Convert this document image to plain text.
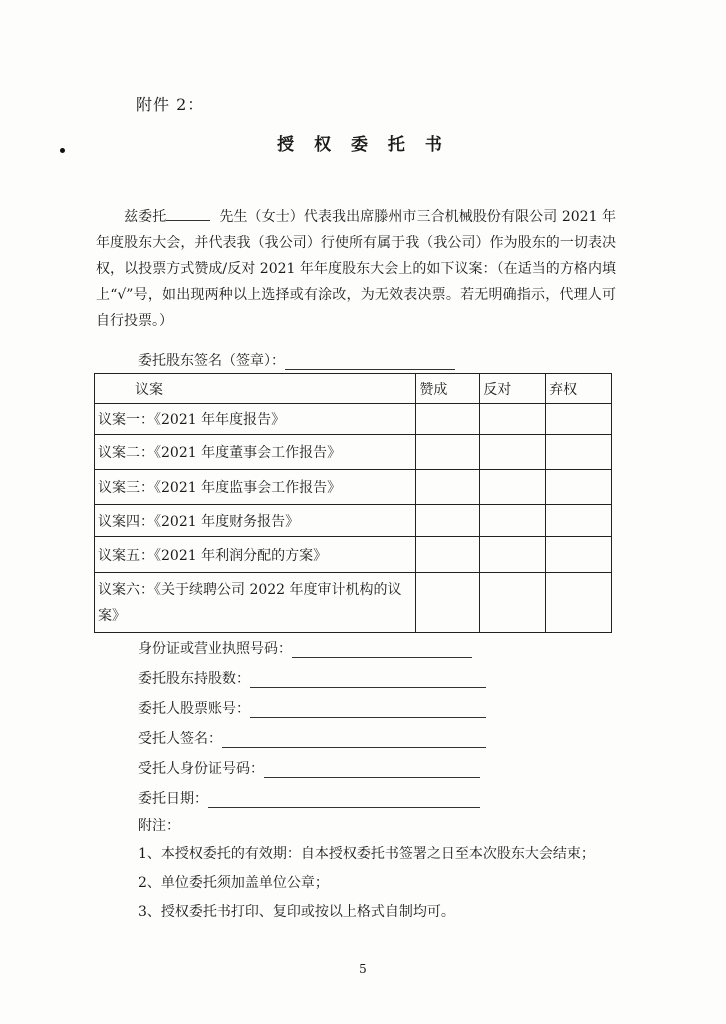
附件 2：
授 权 委 托 书
兹委托	先生（女士）代表我出席滕州市三合机械股份有限公司 2021 年年度股东大会，并代表我（我公司）行使所有属于我（我公司）作为股东的一切表决权，以投票方式赞成/反对 2021 年年度股东大会上的如下议案：（在适当的方格内填上“√”号，如出现两种以上选择或有涂改，为无效表决票。若无明确指示，代理人可自行投票。）
委托股东签名（签章）：
议案	赞成	反对	弃权
议案一：《2021 年年度报告》			
议案二：《2021 年度董事会工作报告》			
议案三：《2021 年度监事会工作报告》			
议案四：《2021 年度财务报告》			
议案五：《2021 年利润分配的方案》			
议案六：《关于续聘公司 2022 年度审计机构的议案》			
身份证或营业执照号码：
委托股东持股数：
委托人股票账号：
受托人签名：
受托人身份证号码：
委托日期：
附注：
1、本授权委托的有效期：自本授权委托书签署之日至本次股东大会结束；
2、单位委托须加盖单位公章；
3、授权委托书打印、复印或按以上格式自制均可。
5
